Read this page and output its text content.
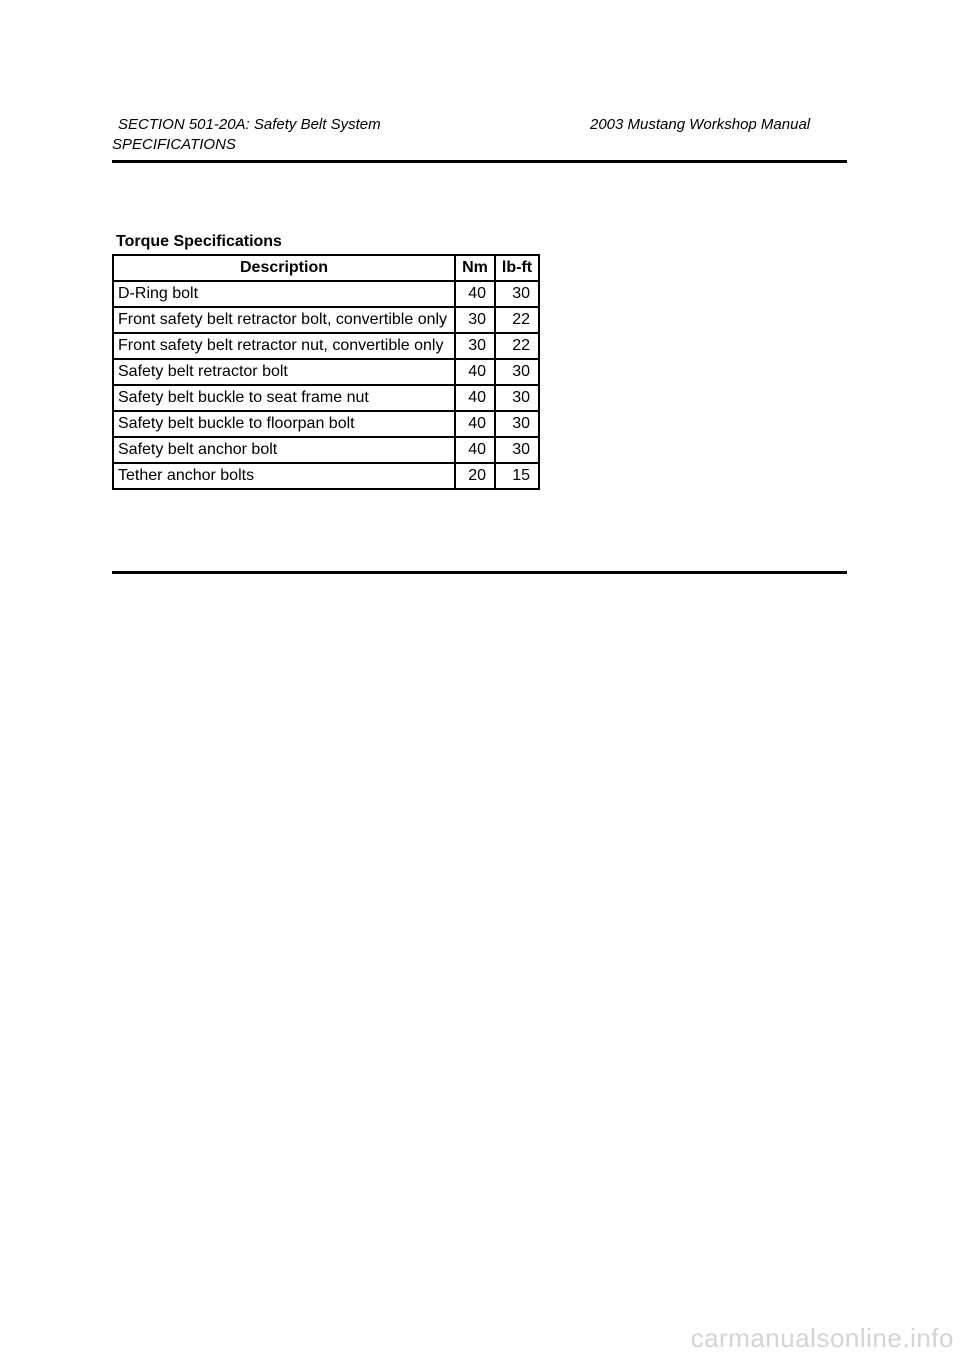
SECTION 501-20A: Safety Belt System	2003 Mustang Workshop Manual
SPECIFICATIONS
Torque Specifications
Description	Nm	lb-ft
D-Ring bolt	40	30
Front safety belt retractor bolt, convertible only	30	22
Front safety belt retractor nut, convertible only	30	22
Safety belt retractor bolt	40	30
Safety belt buckle to seat frame nut	40	30
Safety belt buckle to floorpan bolt	40	30
Safety belt anchor bolt	40	30
Tether anchor bolts	20	15
carmanualsonline.info
